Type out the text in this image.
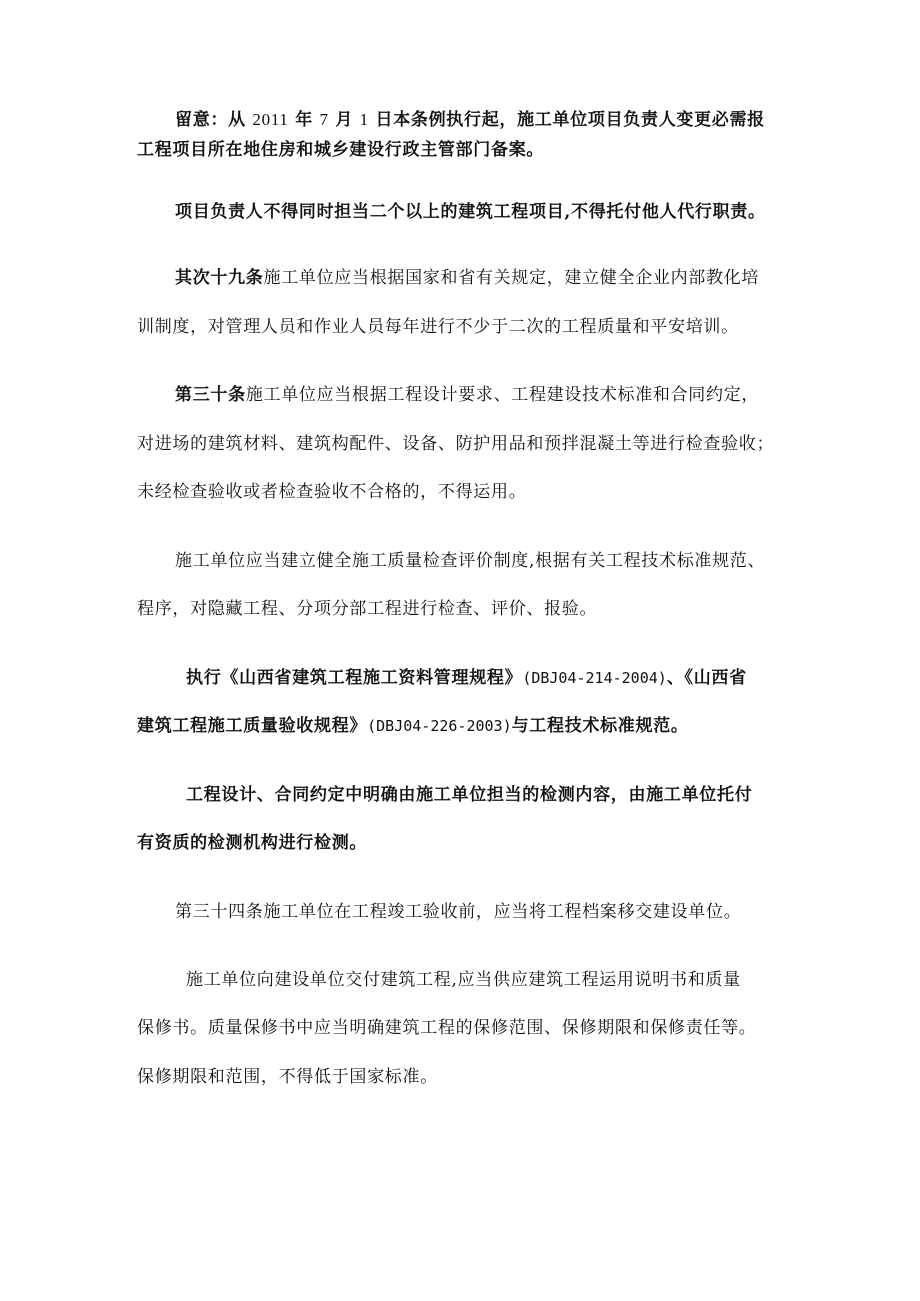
留意：从 2011 年 7 月 1 日本条例执行起，施工单位项目负责人变更必需报
工程项目所在地住房和城乡建设行政主管部门备案。
项目负责人不得同时担当二个以上的建筑工程项目,不得托付他人代行职责。
其次十九条施工单位应当根据国家和省有关规定，建立健全企业内部教化培
训制度，对管理人员和作业人员每年进行不少于二次的工程质量和平安培训。
第三十条施工单位应当根据工程设计要求、工程建设技术标准和合同约定，
对进场的建筑材料、建筑构配件、设备、防护用品和预拌混凝土等进行检查验收；
未经检查验收或者检查验收不合格的，不得运用。
施工单位应当建立健全施工质量检查评价制度,根据有关工程技术标准规范、
程序，对隐藏工程、分项分部工程进行检查、评价、报验。
执行《山西省建筑工程施工资料管理规程》(DBJ04-214-2004)、《山西省
建筑工程施工质量验收规程》(DBJ04-226-2003)与工程技术标准规范。
工程设计、合同约定中明确由施工单位担当的检测内容，由施工单位托付
有资质的检测机构进行检测。
第三十四条施工单位在工程竣工验收前，应当将工程档案移交建设单位。
施工单位向建设单位交付建筑工程,应当供应建筑工程运用说明书和质量
保修书。质量保修书中应当明确建筑工程的保修范围、保修期限和保修责任等。
保修期限和范围，不得低于国家标准。
